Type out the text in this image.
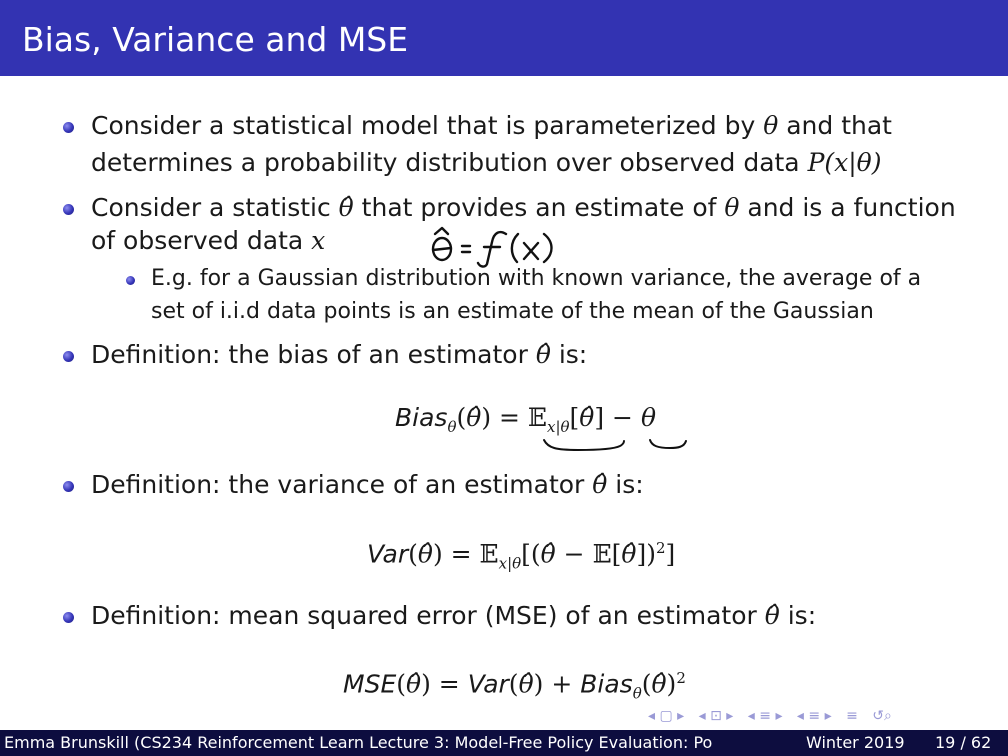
Bias, Variance and MSE
Consider a statistical model that is parameterized by θ and that
determines a probability distribution over observed data P(x|θ)
Consider a statistic θ̂ that provides an estimate of θ and is a function
of observed data x
E.g. for a Gaussian distribution with known variance, the average of a
set of i.i.d data points is an estimate of the mean of the Gaussian
Definition: the bias of an estimator θ̂ is:
Bias$_\theta$(θ̂) = 𝔼$_{x|\theta}$[θ̂] − θ
Definition: the variance of an estimator θ̂ is:
Var(θ̂) = 𝔼$_{x|\theta}$[(θ̂ − 𝔼[θ̂])$^2$]
Definition: mean squared error (MSE) of an estimator θ̂ is:
MSE(θ̂) = Var(θ̂) + Bias$_\theta$(θ̂)$^2$
◂ ▢ ▸ ◂ ⊡ ▸ ◂ ≡ ▸ ◂ ≡ ▸ ≡ ↺⌕
Emma Brunskill (CS234 Reinforcement Learn Lecture 3: Model-Free Policy Evaluation: Po	Winter 2019 19 / 62
